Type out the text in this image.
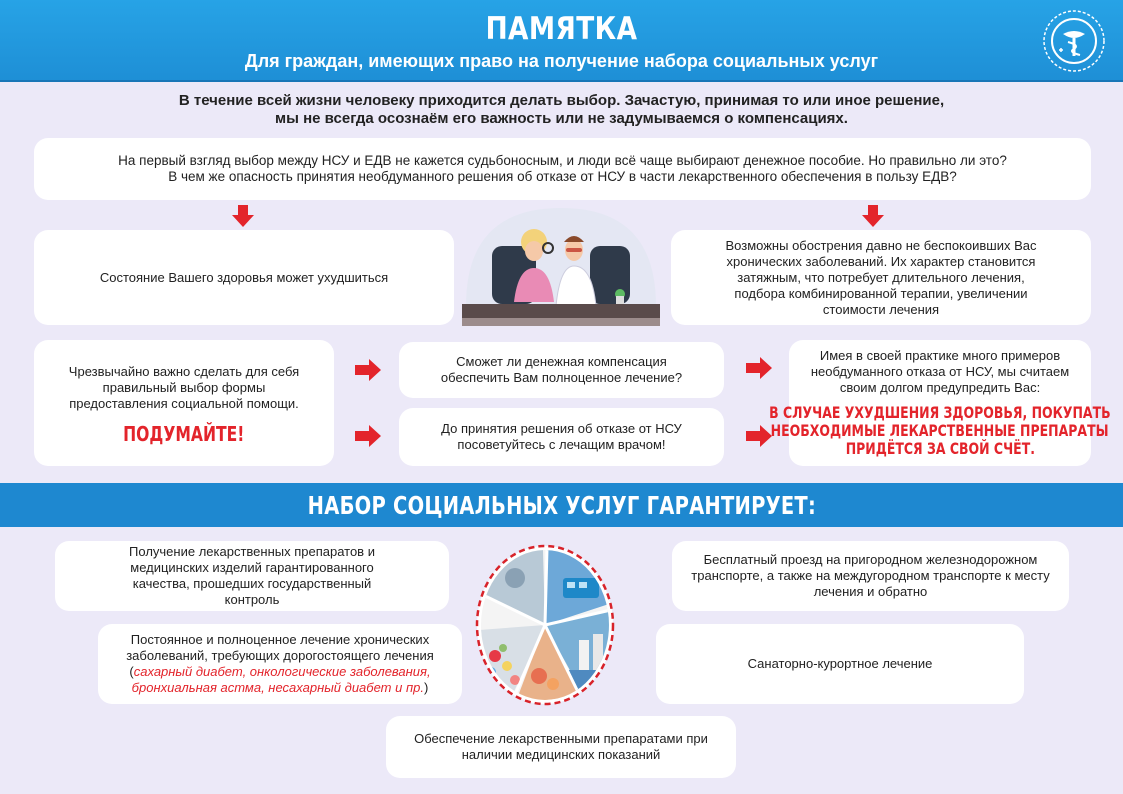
ПАМЯТКА
Для граждан, имеющих право на получение набора социальных услуг
В течение всей жизни человеку приходится делать выбор. Зачастую, принимая то или иное решение,
мы не всегда осознаём его важность или не задумываемся о компенсациях.
На первый взгляд выбор между НСУ и ЕДВ не кажется судьбоносным, и люди всё чаще выбирают денежное пособие. Но правильно ли это?
В чем же опасность принятия необдуманного решения об отказе от НСУ в части лекарственного обеспечения в пользу ЕДВ?
Состояние Вашего здоровья может ухудшиться
Возможны обострения давно не беспокоивших Вас хронических заболеваний. Их характер становится затяжным, что потребует длительного лечения, подбора комбинированной терапии, увеличении стоимости лечения
Чрезвычайно важно сделать для себя правильный выбор формы предоставления социальной помощи.
ПОДУМАЙТЕ!
Сможет ли денежная компенсация обеспечить Вам полноценное лечение?
До принятия решения об отказе от НСУ посоветуйтесь с лечащим врачом!
Имея в своей практике много примеров необдуманного отказа от НСУ, мы считаем своим долгом предупредить Вас:
В СЛУЧАЕ УХУДШЕНИЯ ЗДОРОВЬЯ, ПОКУПАТЬ
НЕОБХОДИМЫЕ ЛЕКАРСТВЕННЫЕ ПРЕПАРАТЫ
ПРИДЁТСЯ ЗА СВОЙ СЧЁТ.
НАБОР СОЦИАЛЬНЫХ УСЛУГ ГАРАНТИРУЕТ:
Получение лекарственных препаратов и медицинских изделий гарантированного качества, прошедших государственный контроль
Бесплатный проезд на пригородном железнодорожном транспорте, а также на междугородном транспорте к месту лечения и обратно
Постоянное и полноценное лечение хронических заболеваний, требующих дорогостоящего лечения
(сахарный диабет, онкологические заболевания, бронхиальная астма, несахарный диабет и пр.)
Санаторно-курортное лечение
Обеспечение лекарственными препаратами при наличии медицинских показаний
